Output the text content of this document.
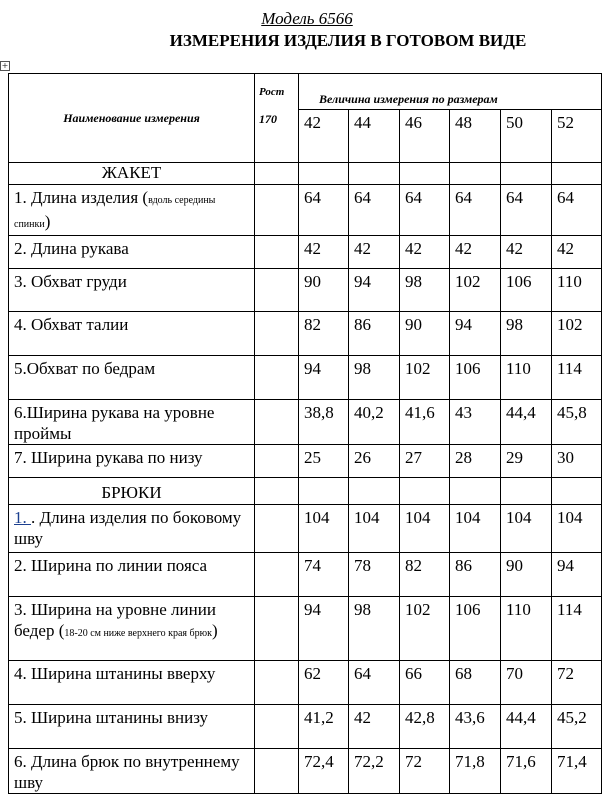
Модель 6566
ИЗМЕРЕНИЯ ИЗДЕЛИЯ В ГОТОВОМ ВИДЕ
+
Наименование измерения	Рост
170	Величина измерения по размерам					
		42	44	46	48	50	52
ЖАКЕТ							
1. Длина изделия (вдоль середины спинки)		64	64	64	64	64	64
2. Длина рукава		42	42	42	42	42	42
3. Обхват груди		90	94	98	102	106	110
4. Обхват талии		82	86	90	94	98	102
5.Обхват по бедрам		94	98	102	106	110	114
6.Ширина рукава на уровне проймы		38,8	40,2	41,6	43	44,4	45,8
7. Ширина рукава по низу		25	26	27	28	29	30
БРЮКИ							
1. . Длина изделия по боковому шву		104	104	104	104	104	104
2. Ширина по линии пояса		74	78	82	86	90	94
3. Ширина на уровне линии бедер (18-20 см ниже верхнего края брюк)		94	98	102	106	110	114
4. Ширина штанины вверху		62	64	66	68	70	72
5. Ширина штанины внизу		41,2	42	42,8	43,6	44,4	45,2
6. Длина брюк по внутреннему шву		72,4	72,2	72	71,8	71,6	71,4
